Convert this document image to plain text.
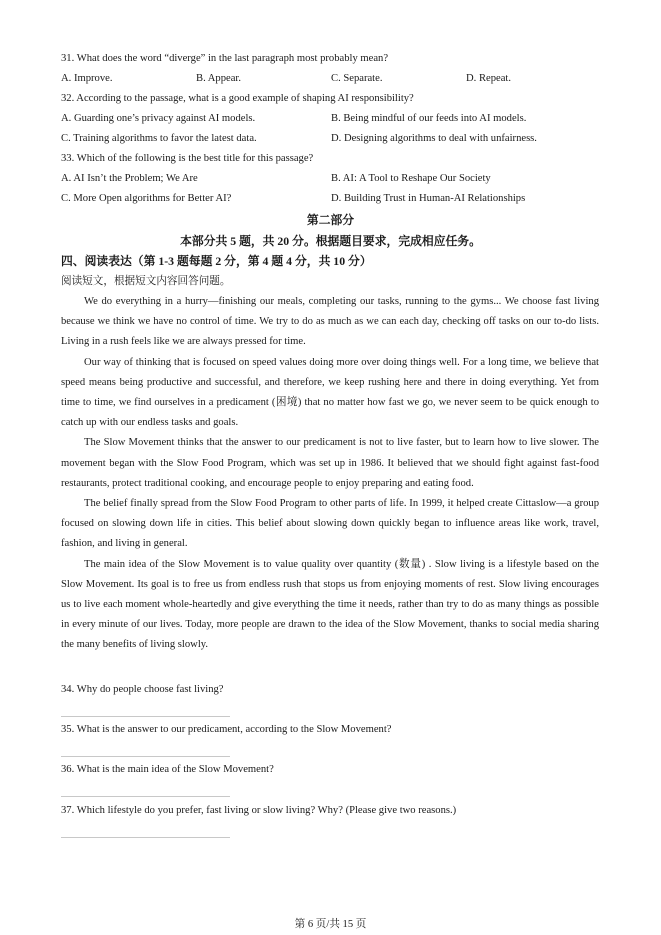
31. What does the word “diverge” in the last paragraph most probably mean?
A. Improve.	B. Appear.	C. Separate.	D. Repeat.
32. According to the passage, what is a good example of shaping AI responsibility?
A. Guarding one’s privacy against AI models.	B. Being mindful of our feeds into AI models.
C. Training algorithms to favor the latest data.	D. Designing algorithms to deal with unfairness.
33. Which of the following is the best title for this passage?
A. AI Isn’t the Problem; We Are	B. AI: A Tool to Reshape Our Society
C. More Open algorithms for Better AI?	D. Building Trust in Human-AI Relationships
第二部分
本部分共 5 题，共 20 分。根据题目要求，完成相应任务。
四、阅读表达（第 1-3 题每题 2 分，第 4 题 4 分，共 10 分）
阅读短文，根据短文内容回答问题。

We do everything in a hurry—finishing our meals, completing our tasks, running to the gyms... We choose fast living because we think we have no control of time. We try to do as much as we can each day, checking off tasks on our to-do lists. Living in a rush feels like we are always pressed for time.

Our way of thinking that is focused on speed values doing more over doing things well. For a long time, we believe that speed means being productive and successful, and therefore, we keep rushing here and there in doing everything. Yet from time to time, we find ourselves in a predicament (困境) that no matter how fast we go, we never seem to be quick enough to catch up with our endless tasks and goals.

The Slow Movement thinks that the answer to our predicament is not to live faster, but to learn how to live slower. The movement began with the Slow Food Program, which was set up in 1986. It believed that we should fight against fast-food restaurants, protect traditional cooking, and encourage people to enjoy preparing and eating food.

The belief finally spread from the Slow Food Program to other parts of life. In 1999, it helped create Cittaslow—a group focused on slowing down life in cities. This belief about slowing down quickly began to influence areas like work, travel, fashion, and living in general.

The main idea of the Slow Movement is to value quality over quantity (数量) . Slow living is a lifestyle based on the Slow Movement. Its goal is to free us from endless rush that stops us from enjoying moments of rest. Slow living encourages us to live each moment whole-heartedly and give everything the time it needs, rather than try to do as many things as possible in every minute of our lives. Today, more people are drawn to the idea of the Slow Movement, thanks to social media sharing the many benefits of living slowly.

34. Why do people choose fast living?
35. What is the answer to our predicament, according to the Slow Movement?
36. What is the main idea of the Slow Movement?
37. Which lifestyle do you prefer, fast living or slow living? Why? (Please give two reasons.)
第 6 页/共 15 页
